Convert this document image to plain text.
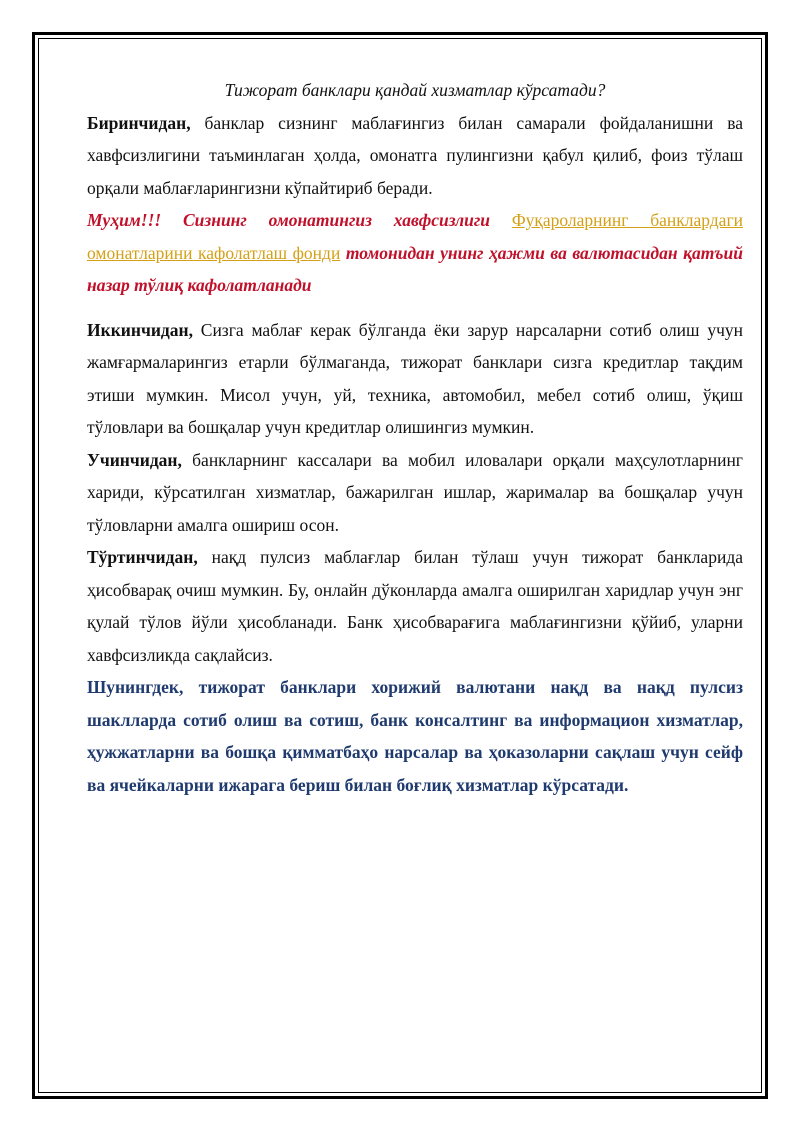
Тижорат банклари қандай хизматлар кўрсатади?

Биринчидан, банклар сизнинг маблағингиз билан самарали фойдаланишни ва хавфсизлигини таъминлаган ҳолда, омонатга пулингизни қабул қилиб, фоиз тўлаш орқали маблағларингизни кўпайтириб беради.

Муҳим!!! Сизнинг омонатингиз хавфсизлиги Фуқароларнинг банклардаги омонатларини кафолатлаш фонди томонидан унинг ҳажми ва валютасидан қатъий назар тўлиқ кафолатланади

Иккинчидан, Сизга маблағ керак бўлганда ёки зарур нарсаларни сотиб олиш учун жамғармаларингиз етарли бўлмаганда, тижорат банклари сизга кредитлар тақдим этиши мумкин. Мисол учун, уй, техника, автомобил, мебел сотиб олиш, ўқиш тўловлари ва бошқалар учун кредитлар олишингиз мумкин.

Учинчидан, банкларнинг кассалари ва мобил иловалари орқали маҳсулотларнинг хариди, кўрсатилган хизматлар, бажарилган ишлар, жарималар ва бошқалар учун тўловларни амалга ошириш осон.

Тўртинчидан, нақд пулсиз маблағлар билан тўлаш учун тижорат банкларида ҳисобварақ очиш мумкин. Бу, онлайн дўконларда амалга оширилган харидлар учун энг қулай тўлов йўли ҳисобланади. Банк ҳисобварағига маблағингизни қўйиб, уларни хавфсизликда сақлайсиз.

Шунингдек, тижорат банклари хорижий валютани нақд ва нақд пулсиз шаклларда сотиб олиш ва сотиш, банк консалтинг ва информацион хизматлар, ҳужжатларни ва бошқа қимматбаҳо нарсалар ва ҳоказоларни сақлаш учун сейф ва ячейкаларни ижарага бериш билан боғлиқ хизматлар кўрсатади.
